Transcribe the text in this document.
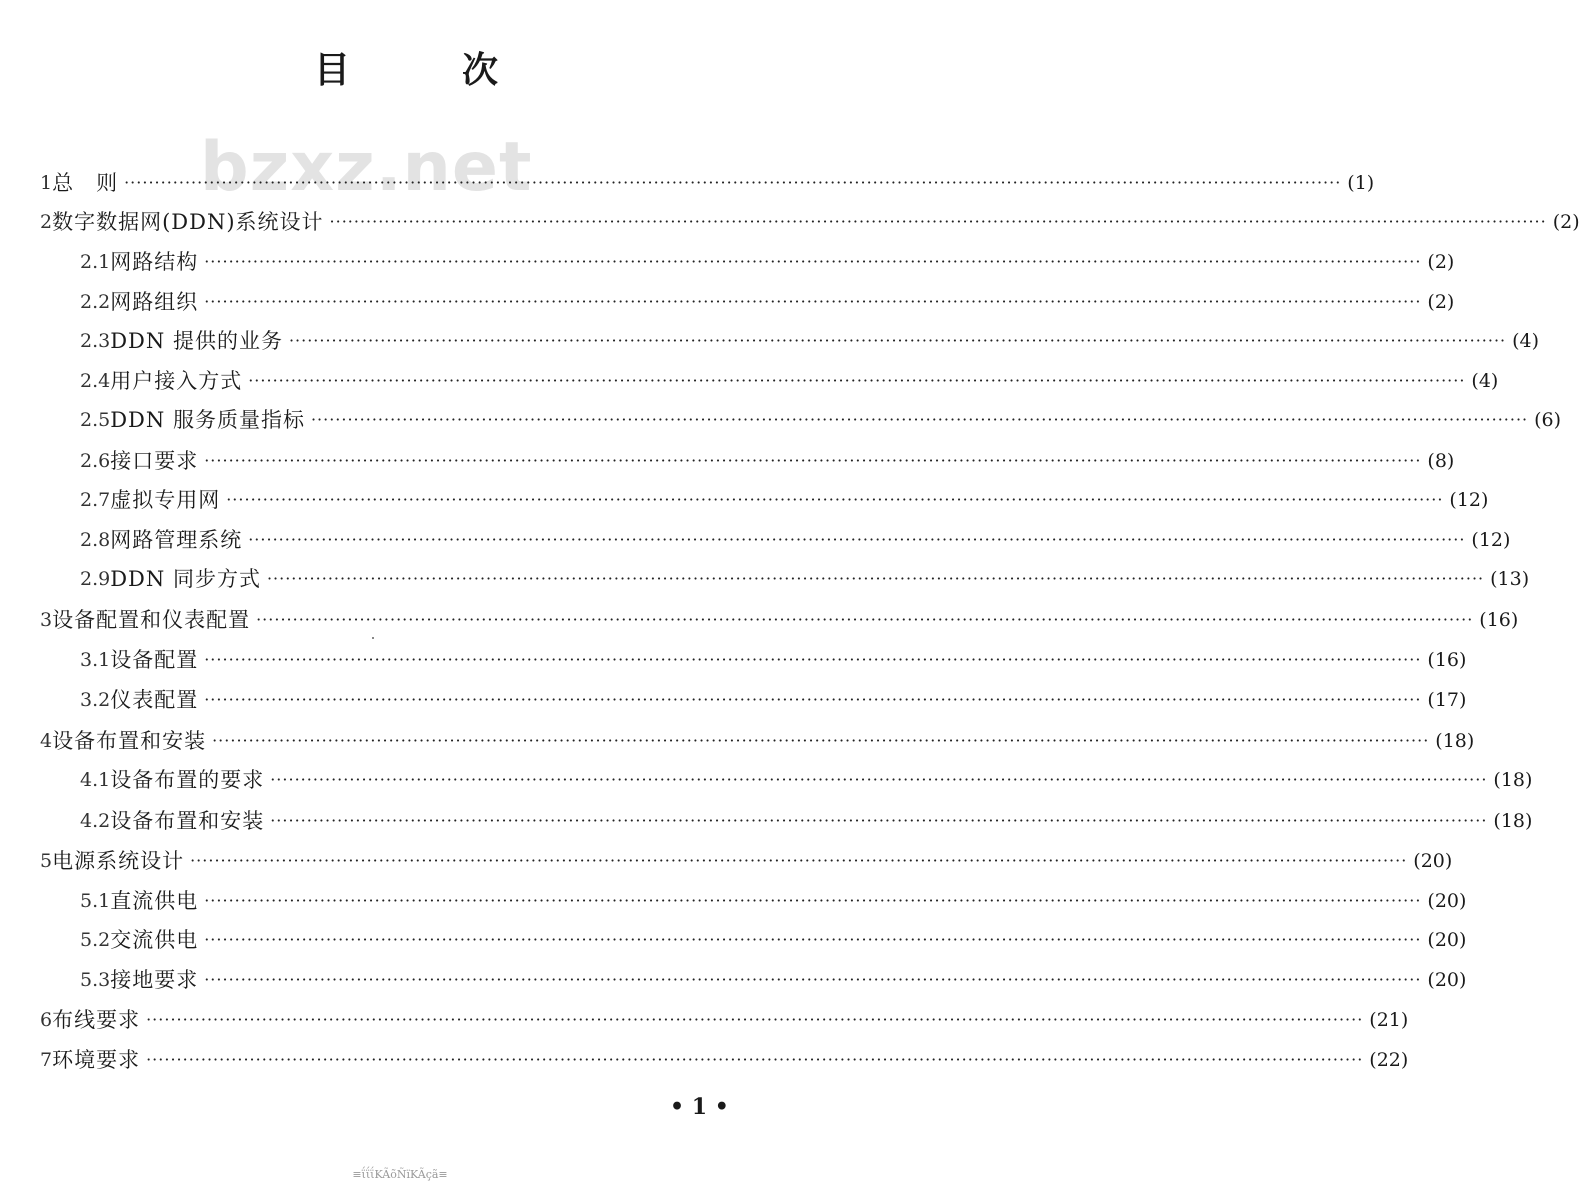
bzxz.net
目	次
1 总　则 ········································································································································································································ (1)
2 数字数据网(DDN)系统设计 ········································································································································································································ (2)
2.1 网路结构 ········································································································································································································ (2)
2.2 网路组织 ········································································································································································································ (2)
2.3 DDN 提供的业务 ········································································································································································································ (4)
2.4 用户接入方式 ········································································································································································································ (4)
2.5 DDN 服务质量指标 ········································································································································································································ (6)
2.6 接口要求 ········································································································································································································ (8)
2.7 虚拟专用网 ········································································································································································································ (12)
2.8 网路管理系统 ········································································································································································································ (12)
2.9 DDN 同步方式 ········································································································································································································ (13)
3 设备配置和仪表配置 ········································································································································································································ (16)
3.1 设备配置 ········································································································································································································ (16)
3.2 仪表配置 ········································································································································································································ (17)
4 设备布置和安装 ········································································································································································································ (18)
4.1 设备布置的要求 ········································································································································································································ (18)
4.2 设备布置和安装 ········································································································································································································ (18)
5 电源系统设计 ········································································································································································································ (20)
5.1 直流供电 ········································································································································································································ (20)
5.2 交流供电 ········································································································································································································ (20)
5.3 接地要求 ········································································································································································································ (20)
6 布线要求 ········································································································································································································ (21)
7 环境要求 ········································································································································································································ (22)
• 1 •
≡ΐΐΐKÃõÑïKÃçã≡
